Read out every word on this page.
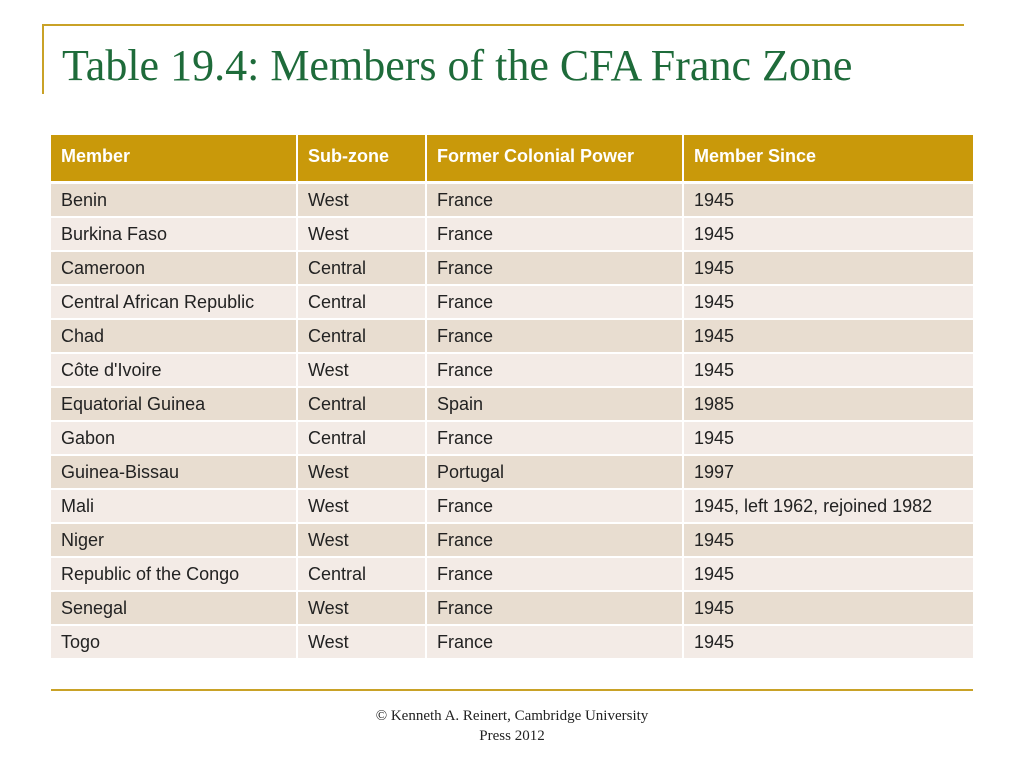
Table 19.4: Members of the CFA Franc Zone
Member	Sub-zone	Former Colonial Power	Member Since
Benin	West	France	1945
Burkina Faso	West	France	1945
Cameroon	Central	France	1945
Central African Republic	Central	France	1945
Chad	Central	France	1945
Côte d'Ivoire	West	France	1945
Equatorial Guinea	Central	Spain	1985
Gabon	Central	France	1945
Guinea-Bissau	West	Portugal	1997
Mali	West	France	1945, left 1962, rejoined 1982
Niger	West	France	1945
Republic of the Congo	Central	France	1945
Senegal	West	France	1945
Togo	West	France	1945
© Kenneth A. Reinert, Cambridge University
Press 2012
